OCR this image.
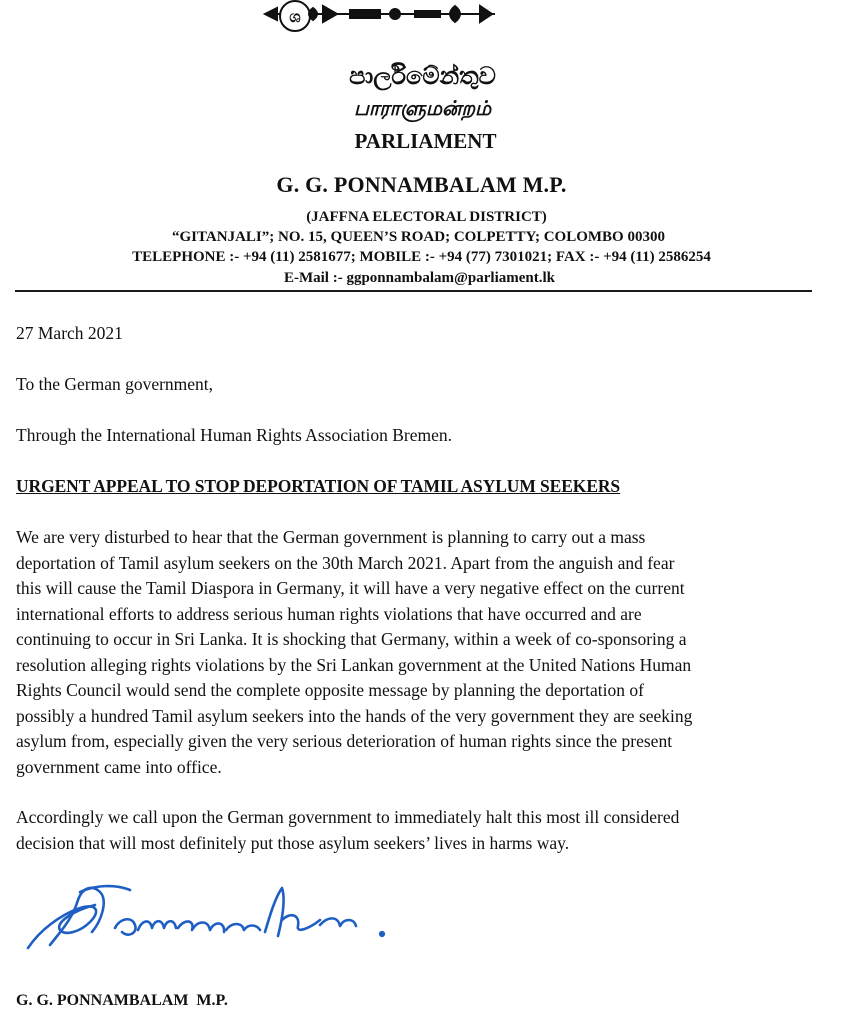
ශ
පාර්ලිමේන්තුව
பாராளுமன்றம்
PARLIAMENT
G. G. PONNAMBALAM M.P.
(JAFFNA ELECTORAL DISTRICT)
“GITANJALI”; NO. 15, QUEEN’S ROAD; COLPETTY; COLOMBO 00300
TELEPHONE :- +94 (11) 2581677; MOBILE :- +94 (77) 7301021; FAX :- +94 (11) 2586254
E-Mail :- ggponnambalam@parliament.lk

27 March 2021

To the German government,

Through the International Human Rights Association Bremen.

URGENT APPEAL TO STOP DEPORTATION OF TAMIL ASYLUM SEEKERS

We are very disturbed to hear that the German government is planning to carry out a mass
deportation of Tamil asylum seekers on the 30th March 2021. Apart from the anguish and fear
this will cause the Tamil Diaspora in Germany, it will have a very negative effect on the current
international efforts to address serious human rights violations that have occurred and are
continuing to occur in Sri Lanka. It is shocking that Germany, within a week of co-sponsoring a
resolution alleging rights violations by the Sri Lankan government at the United Nations Human
Rights Council would send the complete opposite message by planning the deportation of
possibly a hundred Tamil asylum seekers into the hands of the very government they are seeking
asylum from, especially given the very serious deterioration of human rights since the present
government came into office.
Accordingly we call upon the German government to immediately halt this most ill considered
decision that will most definitely put those asylum seekers’ lives in harms way.
G. G. PONNAMBALAM  M.P.
